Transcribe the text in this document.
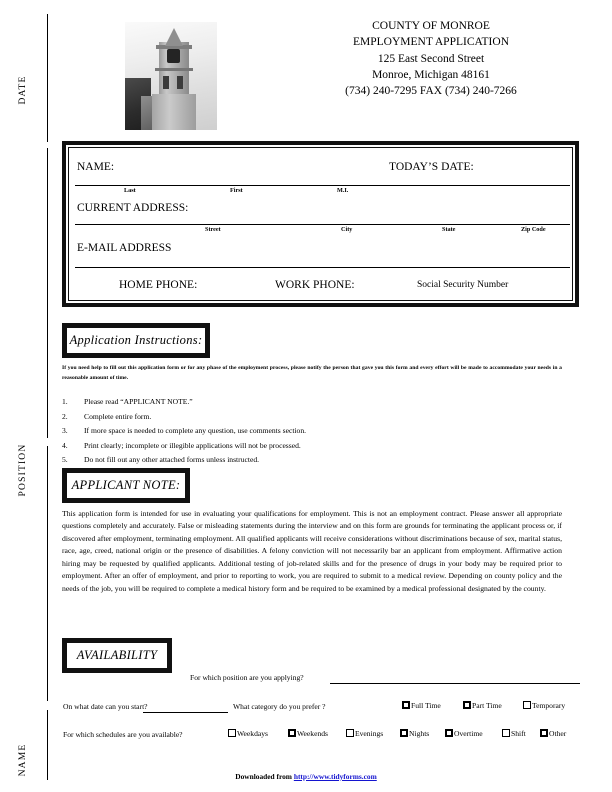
DATE
POSITION
NAME
COUNTY OF MONROE
EMPLOYMENT APPLICATION
125 East Second Street
Monroe, Michigan 48161
(734) 240-7295 FAX (734) 240-7266
NAME:	TODAY’S DATE:
Last	First	M.I.
CURRENT ADDRESS:
Street	City	State	Zip Code
E-MAIL ADDRESS
HOME PHONE:	WORK PHONE:	Social Security Number
Application Instructions:
If you need help to fill out this application form or for any phase of the employment process, please notify the person that gave you this form and every effort will be made to accommodate your needs in a reasonable amount of time.
1.	Please read “APPLICANT NOTE.”
2.	Complete entire form.
3.	If more space is needed to complete any question, use comments section.
4.	Print clearly; incomplete or illegible applications will not be processed.
5.	Do not fill out any other attached forms unless instructed.
APPLICANT NOTE:
This application form is intended for use in evaluating your qualifications for employment. This is not an employment contract. Please answer all appropriate questions completely and accurately. False or misleading statements during the interview and on this form are grounds for terminating the applicant process or, if discovered after employment, terminating employment. All qualified applicants will receive considerations without discriminations because of sex, marital status, race, age, creed, national origin or the presence of disabilities. A felony conviction will not necessarily bar an applicant from employment. Affirmative action hiring may be requested by qualified applicants. Additional testing of job-related skills and for the presence of drugs in your body may be required prior to employment. After an offer of employment, and prior to reporting to work, you are required to submit to a medical review. Depending on county policy and the needs of the job, you will be required to complete a medical history form and be required to be examined by a medical professional designated by the county.
AVAILABILITY
For which position are you applying?
On what date can you start?	What category do you prefer ?	Full Time	Part Time	Temporary
For which schedules are you available?	Weekdays	Weekends	Evenings	Nights	Overtime	Shift	Other
Downloaded from http://www.tidyforms.com
